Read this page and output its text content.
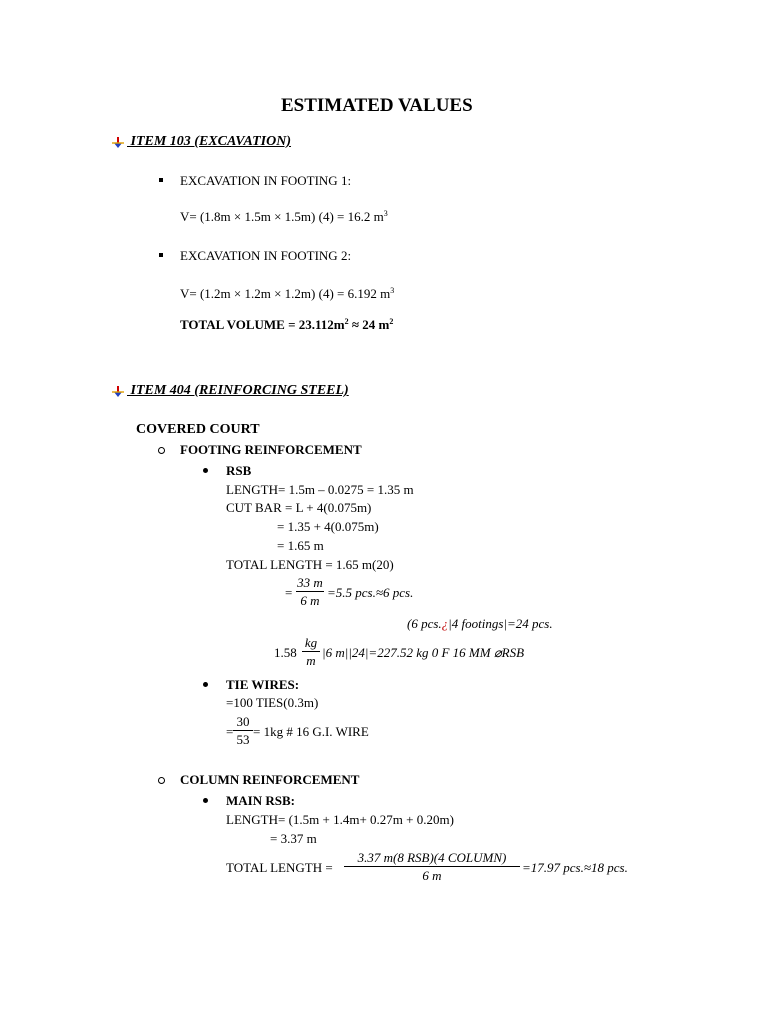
ESTIMATED VALUES
ITEM 103 (EXCAVATION)
EXCAVATION IN FOOTING 1:
V= (1.8m × 1.5m × 1.5m) (4) = 16.2 $m^3$
EXCAVATION IN FOOTING 2:
V= (1.2m × 1.2m × 1.2m) (4) = 6.192 $m^3$
TOTAL VOLUME = $23.112m^2 \approx 24$ $m^2$
ITEM 404 (REINFORCING STEEL)
COVERED COURT
FOOTING REINFORCEMENT
RSB
LENGTH= 1.5m – 0.0275 = 1.35 m
CUT BAR = L + 4(0.075m)
= 1.35 + 4(0.075m)
= 1.65 m
TOTAL LENGTH = 1.65 m(20)
=
33 m
6 m
=5.5 pcs.≈6 pcs.
(6 pcs.¿|4 footings|=24 pcs.
1.58
kg
m
|6 m||24|=227.52 kg 0 F 16 MM ⌀RSB
TIE WIRES:
=100 TIES(0.3m)
=
30
53
= 1kg # 16 G.I. WIRE
COLUMN REINFORCEMENT
MAIN RSB:
LENGTH= (1.5m + 1.4m+ 0.27m + 0.20m)
= 3.37 m
TOTAL LENGTH =
3.37 m(8 RSB)(4 COLUMN)
6 m
=17.97 pcs.≈18 pcs.
